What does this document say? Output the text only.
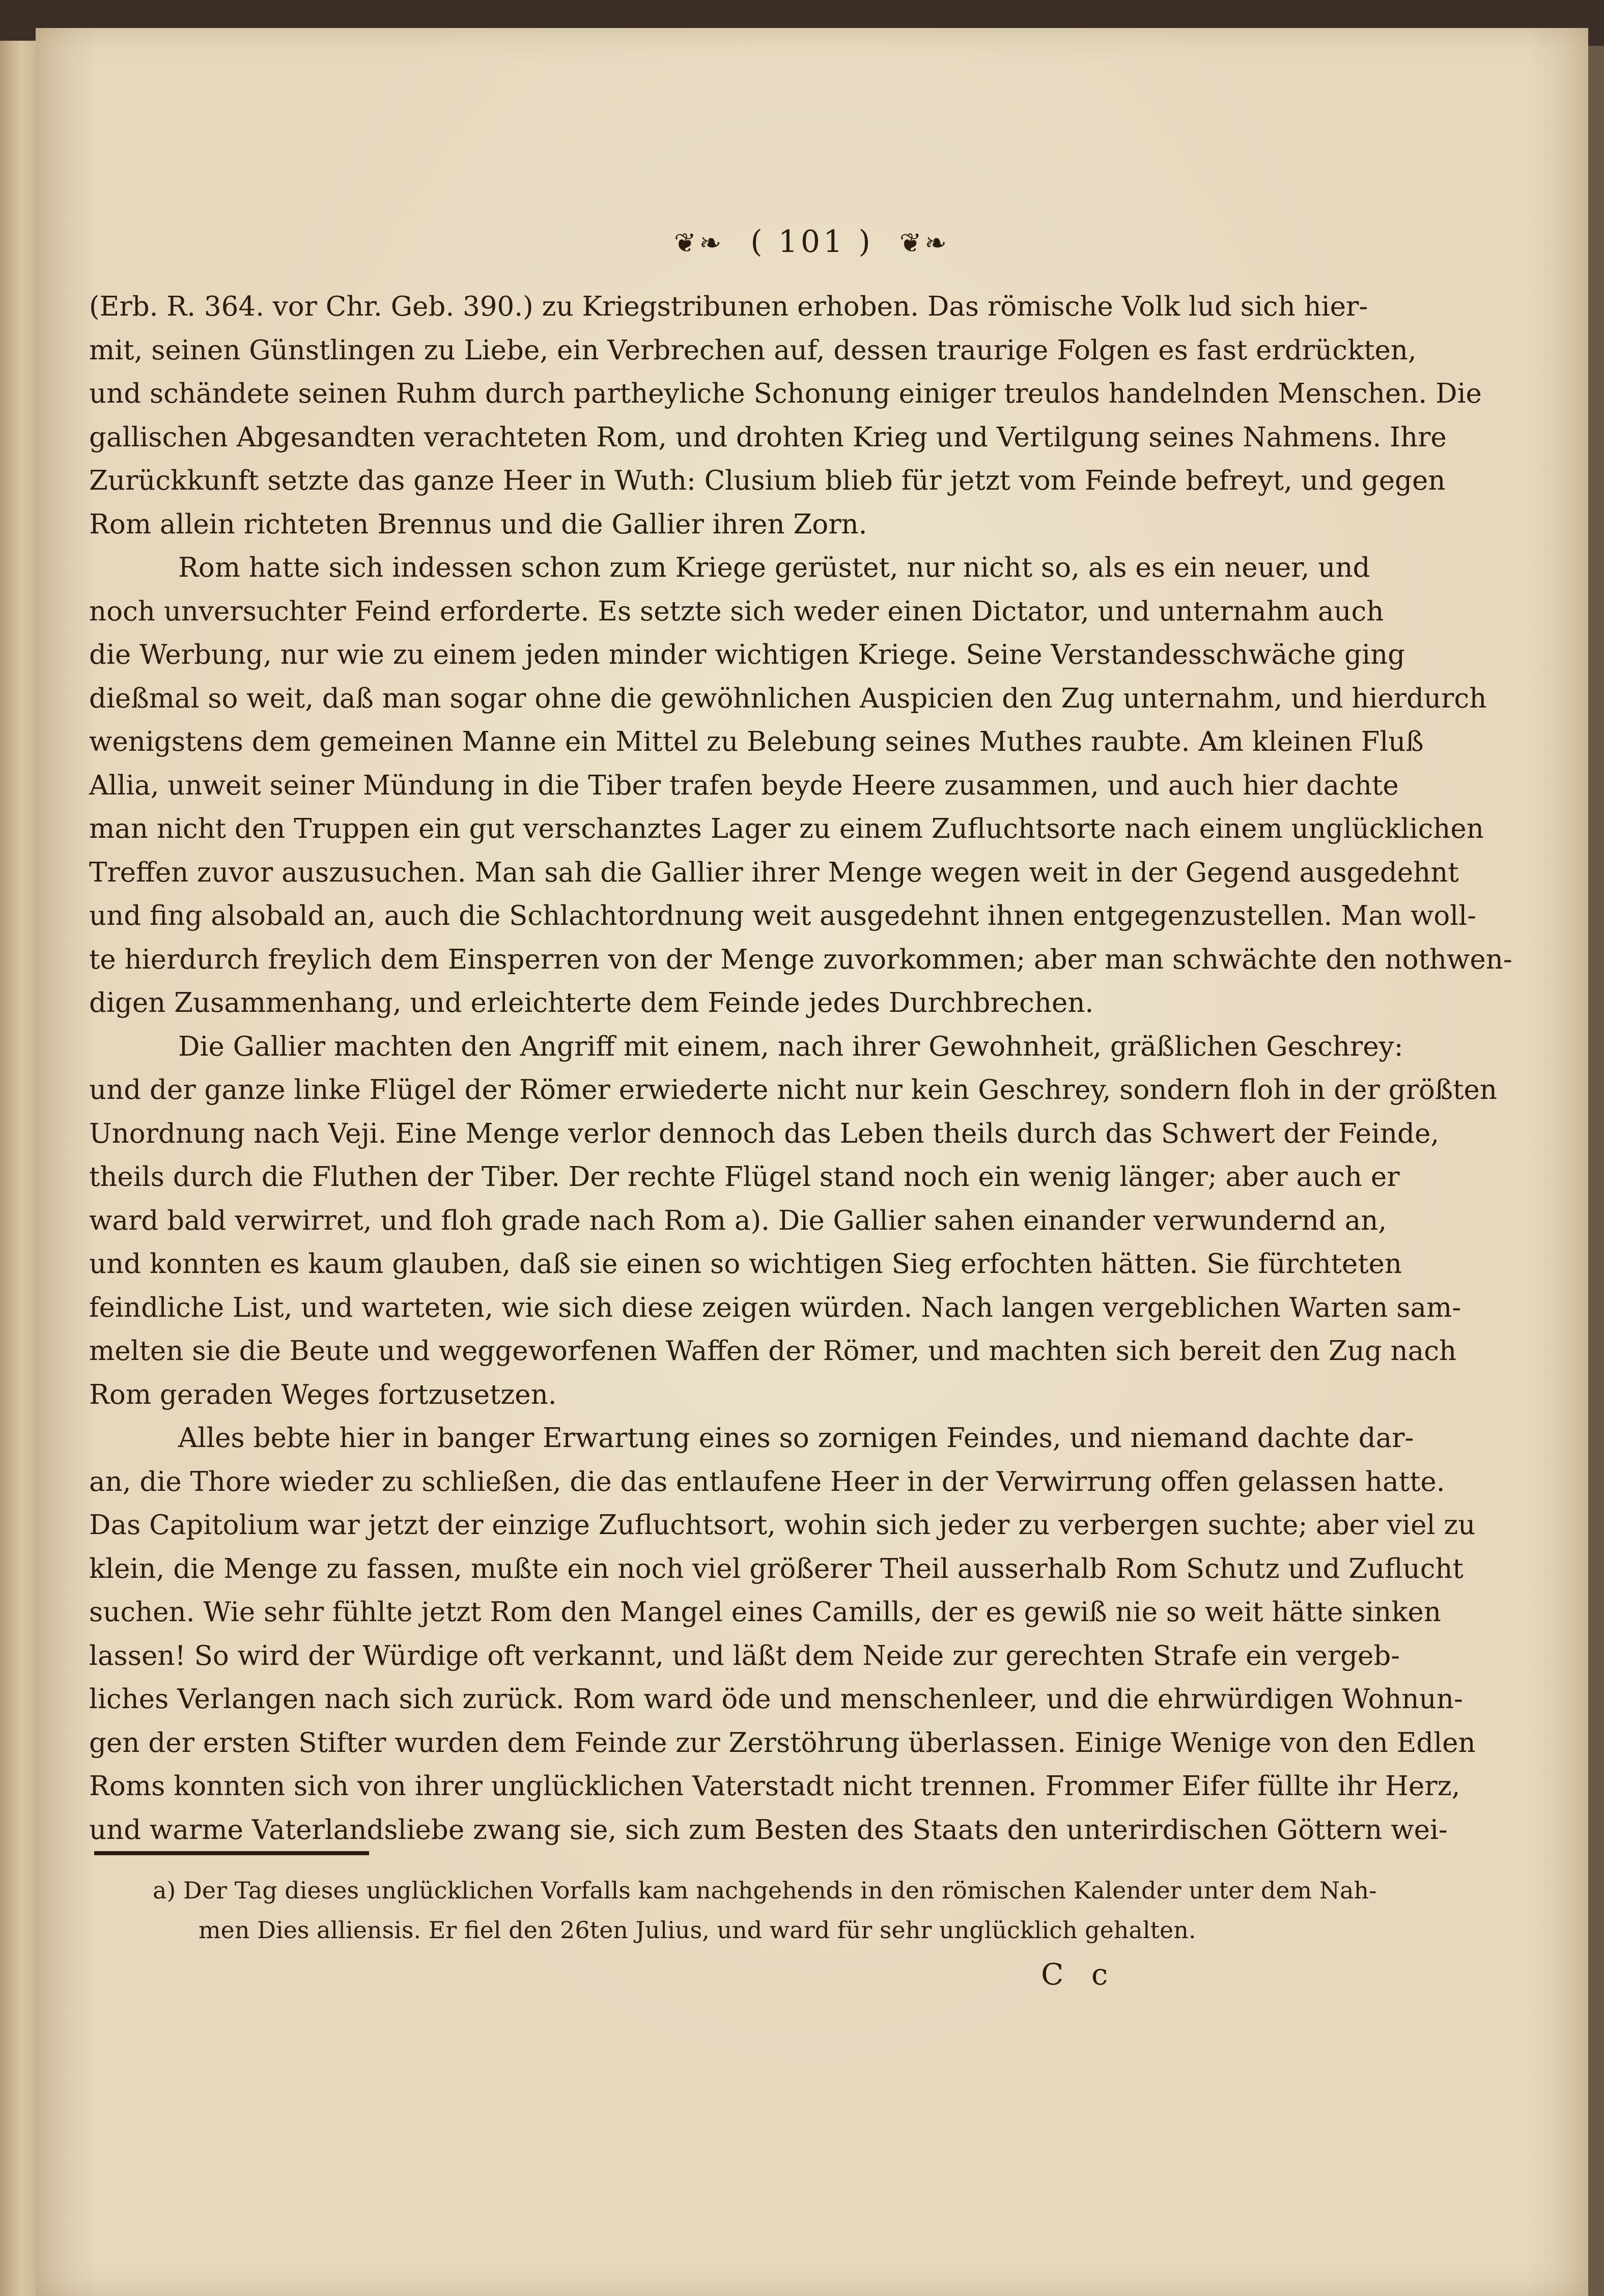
❦❧ ( 101 ) ❦❧
(Erb. R. 364. vor Chr. Geb. 390.) zu Kriegstribunen erhoben. Das römische Volk lud sich hier-
mit, seinen Günstlingen zu Liebe, ein Verbrechen auf, dessen traurige Folgen es fast erdrückten,
und schändete seinen Ruhm durch partheyliche Schonung einiger treulos handelnden Menschen. Die
gallischen Abgesandten verachteten Rom, und drohten Krieg und Vertilgung seines Nahmens. Ihre
Zurückkunft setzte das ganze Heer in Wuth: Clusium blieb für jetzt vom Feinde befreyt, und gegen
Rom allein richteten Brennus und die Gallier ihren Zorn.
Rom hatte sich indessen schon zum Kriege gerüstet, nur nicht so, als es ein neuer, und
noch unversuchter Feind erforderte. Es setzte sich weder einen Dictator, und unternahm auch
die Werbung, nur wie zu einem jeden minder wichtigen Kriege. Seine Verstandesschwäche ging
dießmal so weit, daß man sogar ohne die gewöhnlichen Auspicien den Zug unternahm, und hierdurch
wenigstens dem gemeinen Manne ein Mittel zu Belebung seines Muthes raubte. Am kleinen Fluß
Allia, unweit seiner Mündung in die Tiber trafen beyde Heere zusammen, und auch hier dachte
man nicht den Truppen ein gut verschanztes Lager zu einem Zufluchtsorte nach einem unglücklichen
Treffen zuvor auszusuchen. Man sah die Gallier ihrer Menge wegen weit in der Gegend ausgedehnt
und fing alsobald an, auch die Schlachtordnung weit ausgedehnt ihnen entgegenzustellen. Man woll-
te hierdurch freylich dem Einsperren von der Menge zuvorkommen; aber man schwächte den nothwen-
digen Zusammenhang, und erleichterte dem Feinde jedes Durchbrechen.
Die Gallier machten den Angriff mit einem, nach ihrer Gewohnheit, gräßlichen Geschrey:
und der ganze linke Flügel der Römer erwiederte nicht nur kein Geschrey, sondern floh in der größten
Unordnung nach Veji. Eine Menge verlor dennoch das Leben theils durch das Schwert der Feinde,
theils durch die Fluthen der Tiber. Der rechte Flügel stand noch ein wenig länger; aber auch er
ward bald verwirret, und floh grade nach Rom a). Die Gallier sahen einander verwundernd an,
und konnten es kaum glauben, daß sie einen so wichtigen Sieg erfochten hätten. Sie fürchteten
feindliche List, und warteten, wie sich diese zeigen würden. Nach langen vergeblichen Warten sam-
melten sie die Beute und weggeworfenen Waffen der Römer, und machten sich bereit den Zug nach
Rom geraden Weges fortzusetzen.
Alles bebte hier in banger Erwartung eines so zornigen Feindes, und niemand dachte dar-
an, die Thore wieder zu schließen, die das entlaufene Heer in der Verwirrung offen gelassen hatte.
Das Capitolium war jetzt der einzige Zufluchtsort, wohin sich jeder zu verbergen suchte; aber viel zu
klein, die Menge zu fassen, mußte ein noch viel größerer Theil ausserhalb Rom Schutz und Zuflucht
suchen. Wie sehr fühlte jetzt Rom den Mangel eines Camills, der es gewiß nie so weit hätte sinken
lassen! So wird der Würdige oft verkannt, und läßt dem Neide zur gerechten Strafe ein vergeb-
liches Verlangen nach sich zurück. Rom ward öde und menschenleer, und die ehrwürdigen Wohnun-
gen der ersten Stifter wurden dem Feinde zur Zerstöhrung überlassen. Einige Wenige von den Edlen
Roms konnten sich von ihrer unglücklichen Vaterstadt nicht trennen. Frommer Eifer füllte ihr Herz,
und warme Vaterlandsliebe zwang sie, sich zum Besten des Staats den unterirdischen Göttern wei-
a) Der Tag dieses unglücklichen Vorfalls kam nachgehends in den römischen Kalender unter dem Nah-
men Dies alliensis. Er fiel den 26ten Julius, und ward für sehr unglücklich gehalten.
C c
